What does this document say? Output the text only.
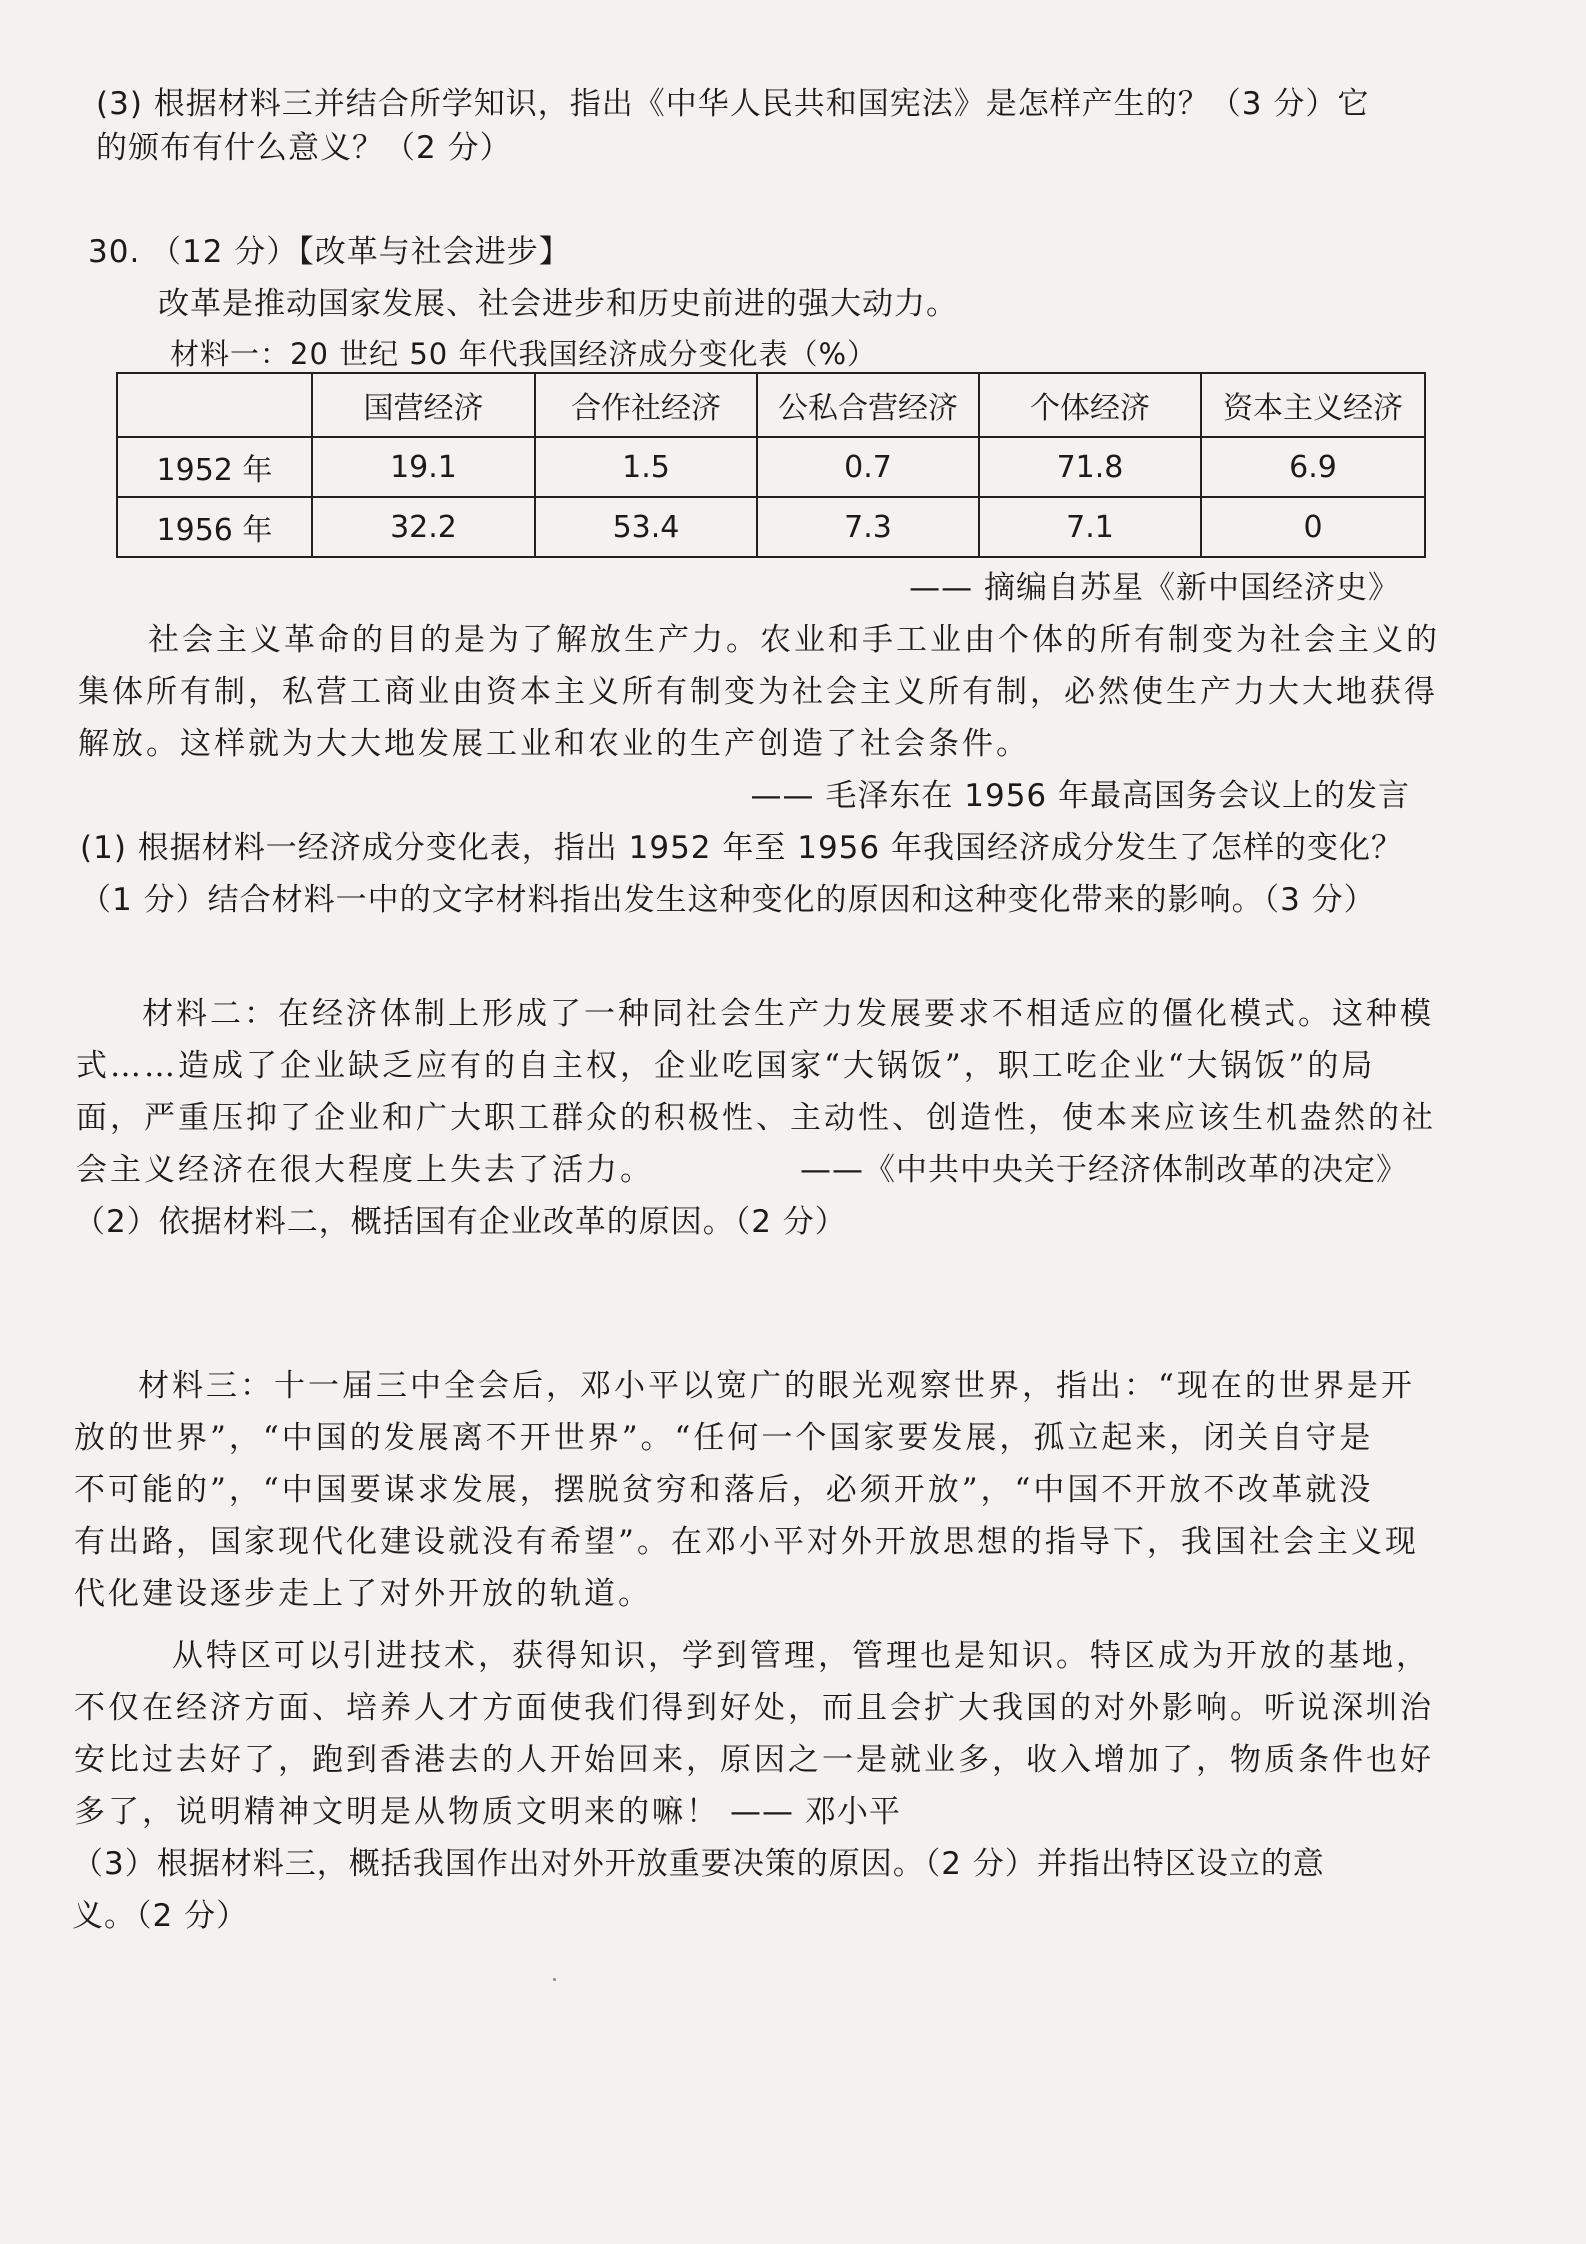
(3) 根据材料三并结合所学知识，指出《中华人民共和国宪法》是怎样产生的？（3 分）它
的颁布有什么意义？（2 分）
30. （12 分）【改革与社会进步】
改革是推动国家发展、社会进步和历史前进的强大动力。
材料一：20 世纪 50 年代我国经济成分变化表（%）
	国营经济	合作社经济	公私合营经济	个体经济	资本主义经济
1952 年	19.1	1.5	0.7	71.8	6.9
1956 年	32.2	53.4	7.3	7.1	0
—— 摘编自苏星《新中国经济史》
社会主义革命的目的是为了解放生产力。农业和手工业由个体的所有制变为社会主义的
集体所有制，私营工商业由资本主义所有制变为社会主义所有制，必然使生产力大大地获得
解放。这样就为大大地发展工业和农业的生产创造了社会条件。
—— 毛泽东在 1956 年最高国务会议上的发言
(1) 根据材料一经济成分变化表，指出 1952 年至 1956 年我国经济成分发生了怎样的变化？
（1 分）结合材料一中的文字材料指出发生这种变化的原因和这种变化带来的影响。（3 分）
材料二：在经济体制上形成了一种同社会生产力发展要求不相适应的僵化模式。这种模
式……造成了企业缺乏应有的自主权，企业吃国家“大锅饭”，职工吃企业“大锅饭”的局
面，严重压抑了企业和广大职工群众的积极性、主动性、创造性，使本来应该生机盎然的社
会主义经济在很大程度上失去了活力。	——《中共中央关于经济体制改革的决定》
（2）依据材料二，概括国有企业改革的原因。（2 分）
材料三：十一届三中全会后，邓小平以宽广的眼光观察世界，指出：“现在的世界是开
放的世界”，“中国的发展离不开世界”。“任何一个国家要发展，孤立起来，闭关自守是
不可能的”，“中国要谋求发展，摆脱贫穷和落后，必须开放”，“中国不开放不改革就没
有出路，国家现代化建设就没有希望”。在邓小平对外开放思想的指导下，我国社会主义现
代化建设逐步走上了对外开放的轨道。
从特区可以引进技术，获得知识，学到管理，管理也是知识。特区成为开放的基地，
不仅在经济方面、培养人才方面使我们得到好处，而且会扩大我国的对外影响。听说深圳治
安比过去好了，跑到香港去的人开始回来，原因之一是就业多，收入增加了，物质条件也好
多了，说明精神文明是从物质文明来的嘛！ —— 邓小平
（3）根据材料三，概括我国作出对外开放重要决策的原因。（2 分）并指出特区设立的意
义。（2 分）
